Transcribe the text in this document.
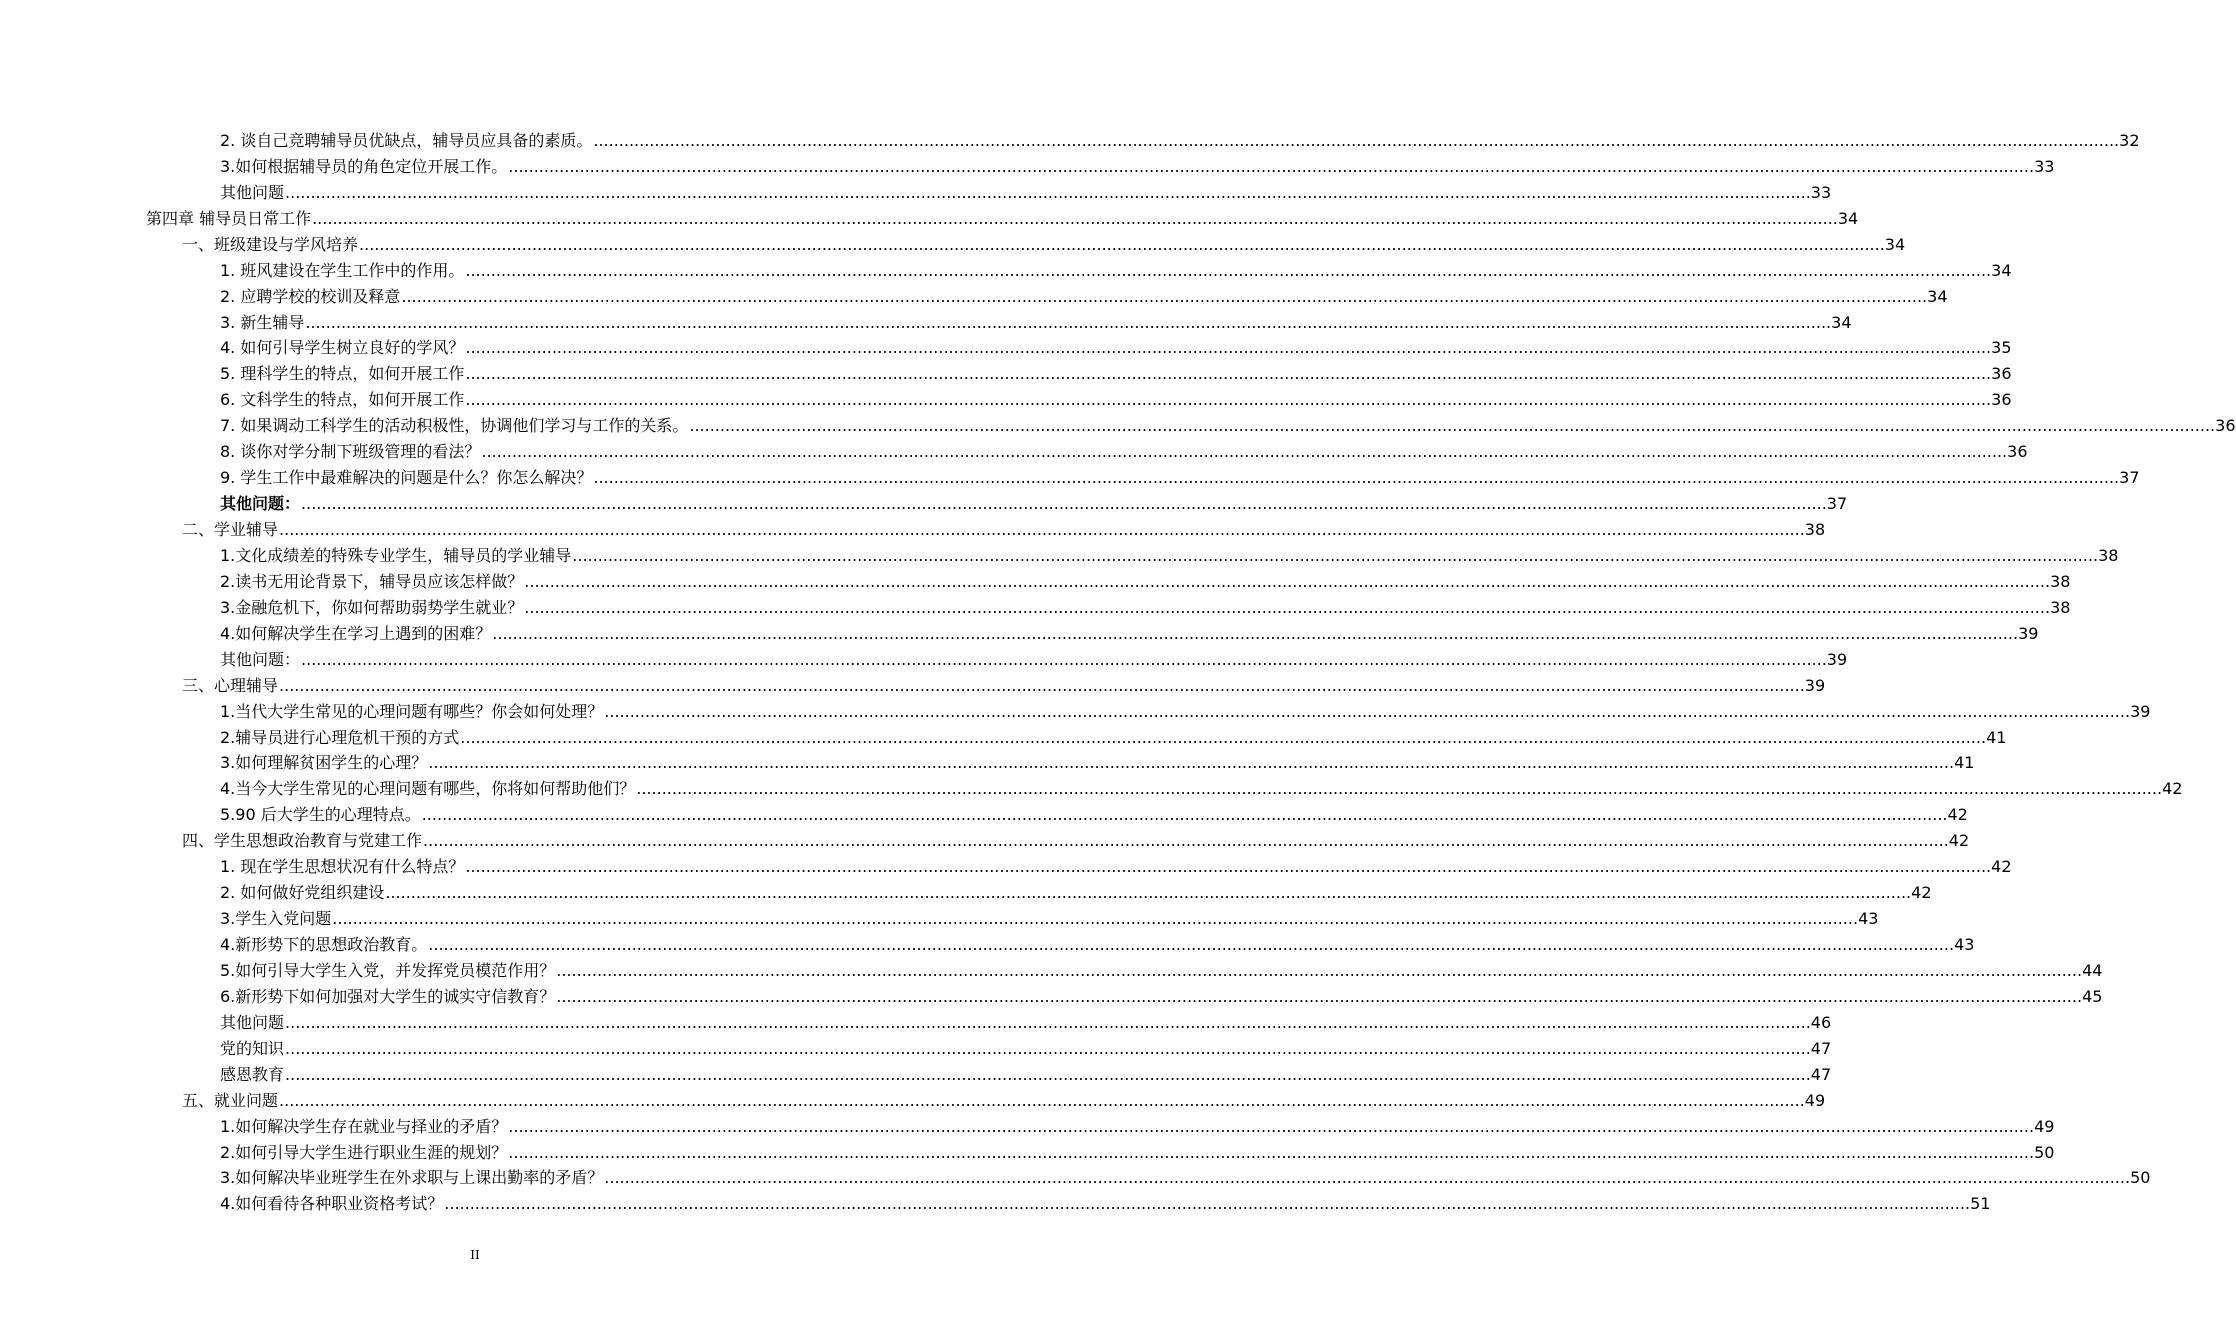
2. 谈自己竞聘辅导员优缺点，辅导员应具备的素质。 ............................................................................................................................................................................................................................................................................................................ 32
3.如何根据辅导员的角色定位开展工作。 ............................................................................................................................................................................................................................................................................................................ 33
其他问题 ............................................................................................................................................................................................................................................................................................................ 33
第四章 辅导员日常工作 ............................................................................................................................................................................................................................................................................................................ 34
一、班级建设与学风培养 ............................................................................................................................................................................................................................................................................................................ 34
1. 班风建设在学生工作中的作用。 ............................................................................................................................................................................................................................................................................................................ 34
2. 应聘学校的校训及释意 ............................................................................................................................................................................................................................................................................................................ 34
3. 新生辅导 ............................................................................................................................................................................................................................................................................................................ 34
4. 如何引导学生树立良好的学风？ ............................................................................................................................................................................................................................................................................................................ 35
5. 理科学生的特点，如何开展工作 ............................................................................................................................................................................................................................................................................................................ 36
6. 文科学生的特点，如何开展工作 ............................................................................................................................................................................................................................................................................................................ 36
7. 如果调动工科学生的活动积极性，协调他们学习与工作的关系。 ............................................................................................................................................................................................................................................................................................................ 36
8. 谈你对学分制下班级管理的看法？ ............................................................................................................................................................................................................................................................................................................ 36
9. 学生工作中最难解决的问题是什么？你怎么解决？ ............................................................................................................................................................................................................................................................................................................ 37
其他问题： ............................................................................................................................................................................................................................................................................................................ 37
二、学业辅导 ............................................................................................................................................................................................................................................................................................................ 38
1.文化成绩差的特殊专业学生，辅导员的学业辅导 ............................................................................................................................................................................................................................................................................................................ 38
2.读书无用论背景下，辅导员应该怎样做？ ............................................................................................................................................................................................................................................................................................................ 38
3.金融危机下，你如何帮助弱势学生就业？ ............................................................................................................................................................................................................................................................................................................ 38
4.如何解决学生在学习上遇到的困难？ ............................................................................................................................................................................................................................................................................................................ 39
其他问题： ............................................................................................................................................................................................................................................................................................................ 39
三、心理辅导 ............................................................................................................................................................................................................................................................................................................ 39
1.当代大学生常见的心理问题有哪些？你会如何处理？ ............................................................................................................................................................................................................................................................................................................ 39
2.辅导员进行心理危机干预的方式 ............................................................................................................................................................................................................................................................................................................ 41
3.如何理解贫困学生的心理？ ............................................................................................................................................................................................................................................................................................................ 41
4.当今大学生常见的心理问题有哪些，你将如何帮助他们？ ............................................................................................................................................................................................................................................................................................................ 42
5.90 后大学生的心理特点。 ............................................................................................................................................................................................................................................................................................................ 42
四、学生思想政治教育与党建工作 ............................................................................................................................................................................................................................................................................................................ 42
1. 现在学生思想状况有什么特点？ ............................................................................................................................................................................................................................................................................................................ 42
2. 如何做好党组织建设 ............................................................................................................................................................................................................................................................................................................ 42
3.学生入党问题 ............................................................................................................................................................................................................................................................................................................ 43
4.新形势下的思想政治教育。 ............................................................................................................................................................................................................................................................................................................ 43
5.如何引导大学生入党，并发挥党员模范作用？ ............................................................................................................................................................................................................................................................................................................ 44
6.新形势下如何加强对大学生的诚实守信教育？ ............................................................................................................................................................................................................................................................................................................ 45
其他问题 ............................................................................................................................................................................................................................................................................................................ 46
党的知识 ............................................................................................................................................................................................................................................................................................................ 47
感恩教育 ............................................................................................................................................................................................................................................................................................................ 47
五、就业问题 ............................................................................................................................................................................................................................................................................................................ 49
1.如何解决学生存在就业与择业的矛盾？ ............................................................................................................................................................................................................................................................................................................ 49
2.如何引导大学生进行职业生涯的规划？ ............................................................................................................................................................................................................................................................................................................ 50
3.如何解决毕业班学生在外求职与上课出勤率的矛盾？ ............................................................................................................................................................................................................................................................................................................ 50
4.如何看待各种职业资格考试？ ............................................................................................................................................................................................................................................................................................................ 51
II
